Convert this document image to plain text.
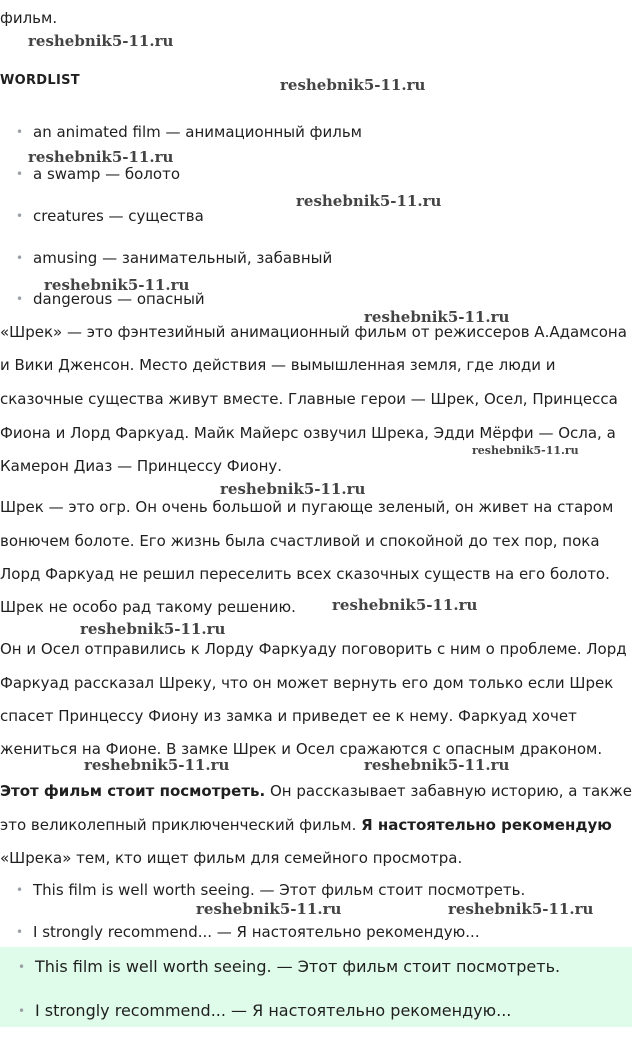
фильм.
WORDLIST
• an animated film — анимационный фильм
• a swamp — болото
• creatures — существа
• amusing — занимательный, забавный
• dangerous — опасный
«Шрек» — это фэнтезийный анимационный фильм от режиссеров А.Адамсона
и Вики Дженсон. Место действия — вымышленная земля, где люди и
сказочные существа живут вместе. Главные герои — Шрек, Осел, Принцесса
Фиона и Лорд Фаркуад. Майк Майерс озвучил Шрека, Эдди Мёрфи — Осла, а
Камерон Диаз — Принцессу Фиону.
Шрек — это огр. Он очень большой и пугающе зеленый, он живет на старом
вонючем болоте. Его жизнь была счастливой и спокойной до тех пор, пока
Лорд Фаркуад не решил переселить всех сказочных существ на его болото.
Шрек не особо рад такому решению.
Он и Осел отправились к Лорду Фаркуаду поговорить с ним о проблеме. Лорд
Фаркуад рассказал Шреку, что он может вернуть его дом только если Шрек
спасет Принцессу Фиону из замка и приведет ее к нему. Фаркуад хочет
жениться на Фионе. В замке Шрек и Осел сражаются с опасным драконом.
Этот фильм стоит посмотреть. Он рассказывает забавную историю, а также
это великолепный приключенческий фильм. Я настоятельно рекомендую
«Шрека» тем, кто ищет фильм для семейного просмотра.
• This film is well worth seeing. — Этот фильм стоит посмотреть.
• I strongly recommend... — Я настоятельно рекомендую...
• This film is well worth seeing. — Этот фильм стоит посмотреть.
• I strongly recommend... — Я настоятельно рекомендую...
reshebnik5-11.ru
reshebnik5-11.ru
reshebnik5-11.ru
reshebnik5-11.ru
reshebnik5-11.ru
reshebnik5-11.ru
reshebnik5-11.ru
reshebnik5-11.ru
reshebnik5-11.ru
reshebnik5-11.ru
reshebnik5-11.ru	reshebnik5-11.ru
reshebnik5-11.ru	reshebnik5-11.ru
